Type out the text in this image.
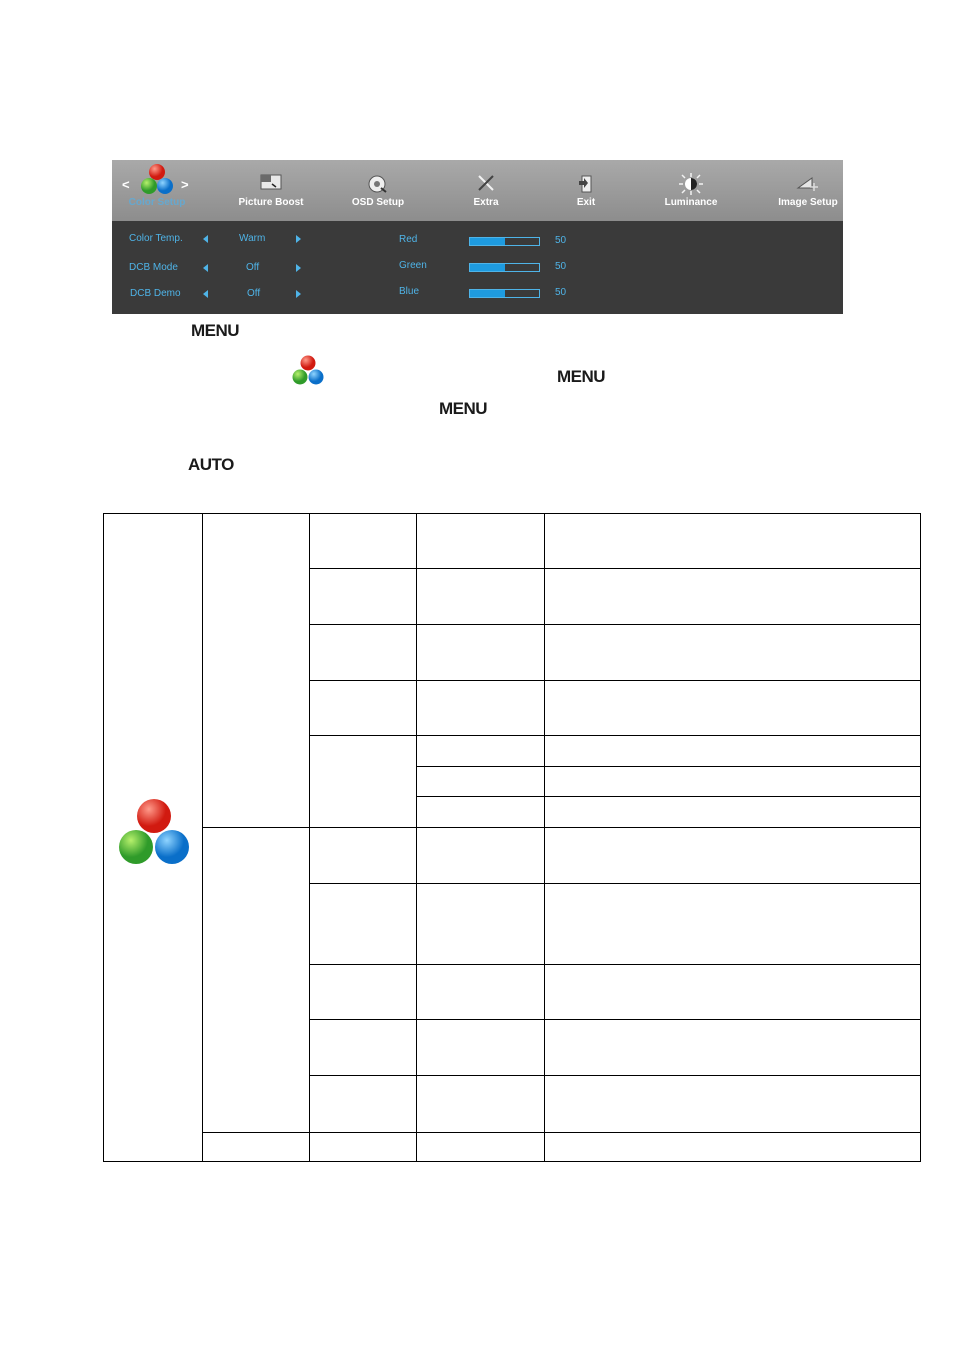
<	>
Color Setup	Picture Boost	OSD Setup	Extra	Exit	Luminance	Image Setup
Color Temp.	Warm
DCB Mode	Off
DCB Demo	Off
Red	50
Green	50
Blue	50
MENU
MENU
MENU
AUTO
